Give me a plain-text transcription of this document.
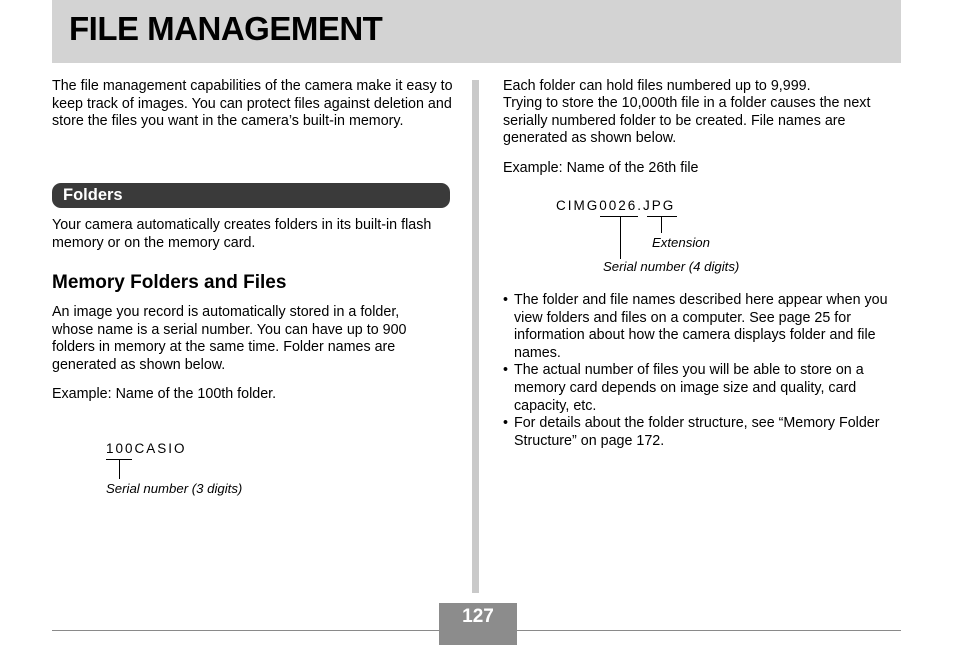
FILE MANAGEMENT

The file management capabilities of the camera make it easy to keep track of images. You can protect files against deletion and store the files you want in the camera’s built-in memory.

Folders

Your camera automatically creates folders in its built-in flash memory or on the memory card.

Memory Folders and Files

An image you record is automatically stored in a folder, whose name is a serial number. You can have up to 900 folders in memory at the same time. Folder names are generated as shown below.

Example: Name of the 100th folder.

100CASIO
Serial number (3 digits)

Each folder can hold files numbered up to 9,999.

Trying to store the 10,000th file in a folder causes the next serially numbered folder to be created. File names are generated as shown below.

Example: Name of the 26th file

CIMG0026.JPG
Extension
Serial number (4 digits)
• The folder and file names described here appear when you view folders and files on a computer. See page 25 for information about how the camera displays folder and file names.
• The actual number of files you will be able to store on a memory card depends on image size and quality, card capacity, etc.
• For details about the folder structure, see “Memory Folder Structure” on page 172.
127
